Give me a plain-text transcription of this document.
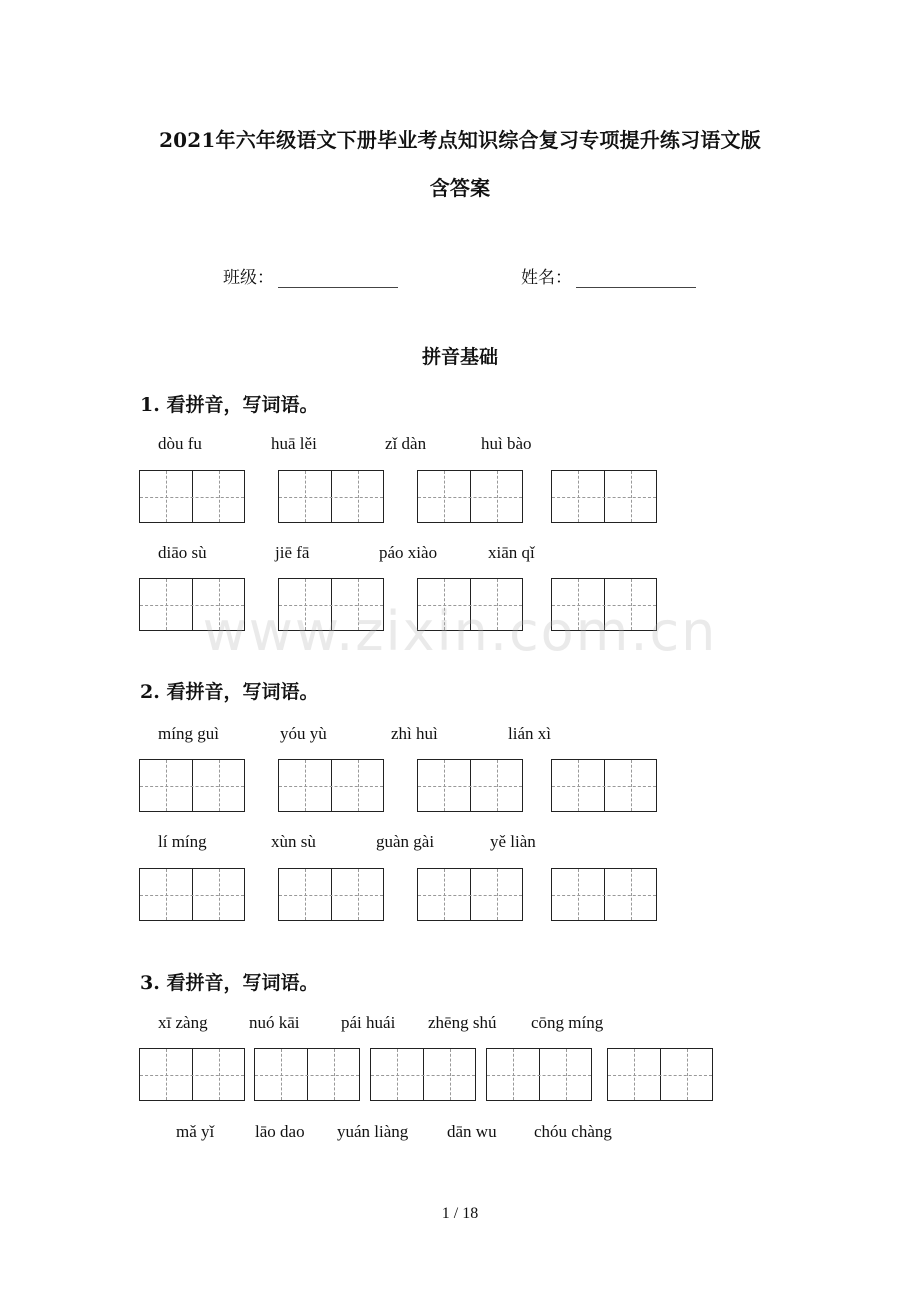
2021年六年级语文下册毕业考点知识综合复习专项提升练习语文版
含答案
班级：	姓名：
拼音基础
1. 看拼音，写词语。
dòu fu	huā lěi	zǐ dàn	huì bào
diāo sù	jiē fā	páo xiào	xiān qǐ
www.zixin.com.cn
2. 看拼音，写词语。
míng guì	yóu yù	zhì huì	lián xì
lí míng	xùn sù	guàn gài	yě liàn
3. 看拼音，写词语。
xī zàng nuó kāi pái huái zhēng shú cōng míng
mǎ yǐ lāo dao yuán liàng dān wu chóu chàng
1 / 18
